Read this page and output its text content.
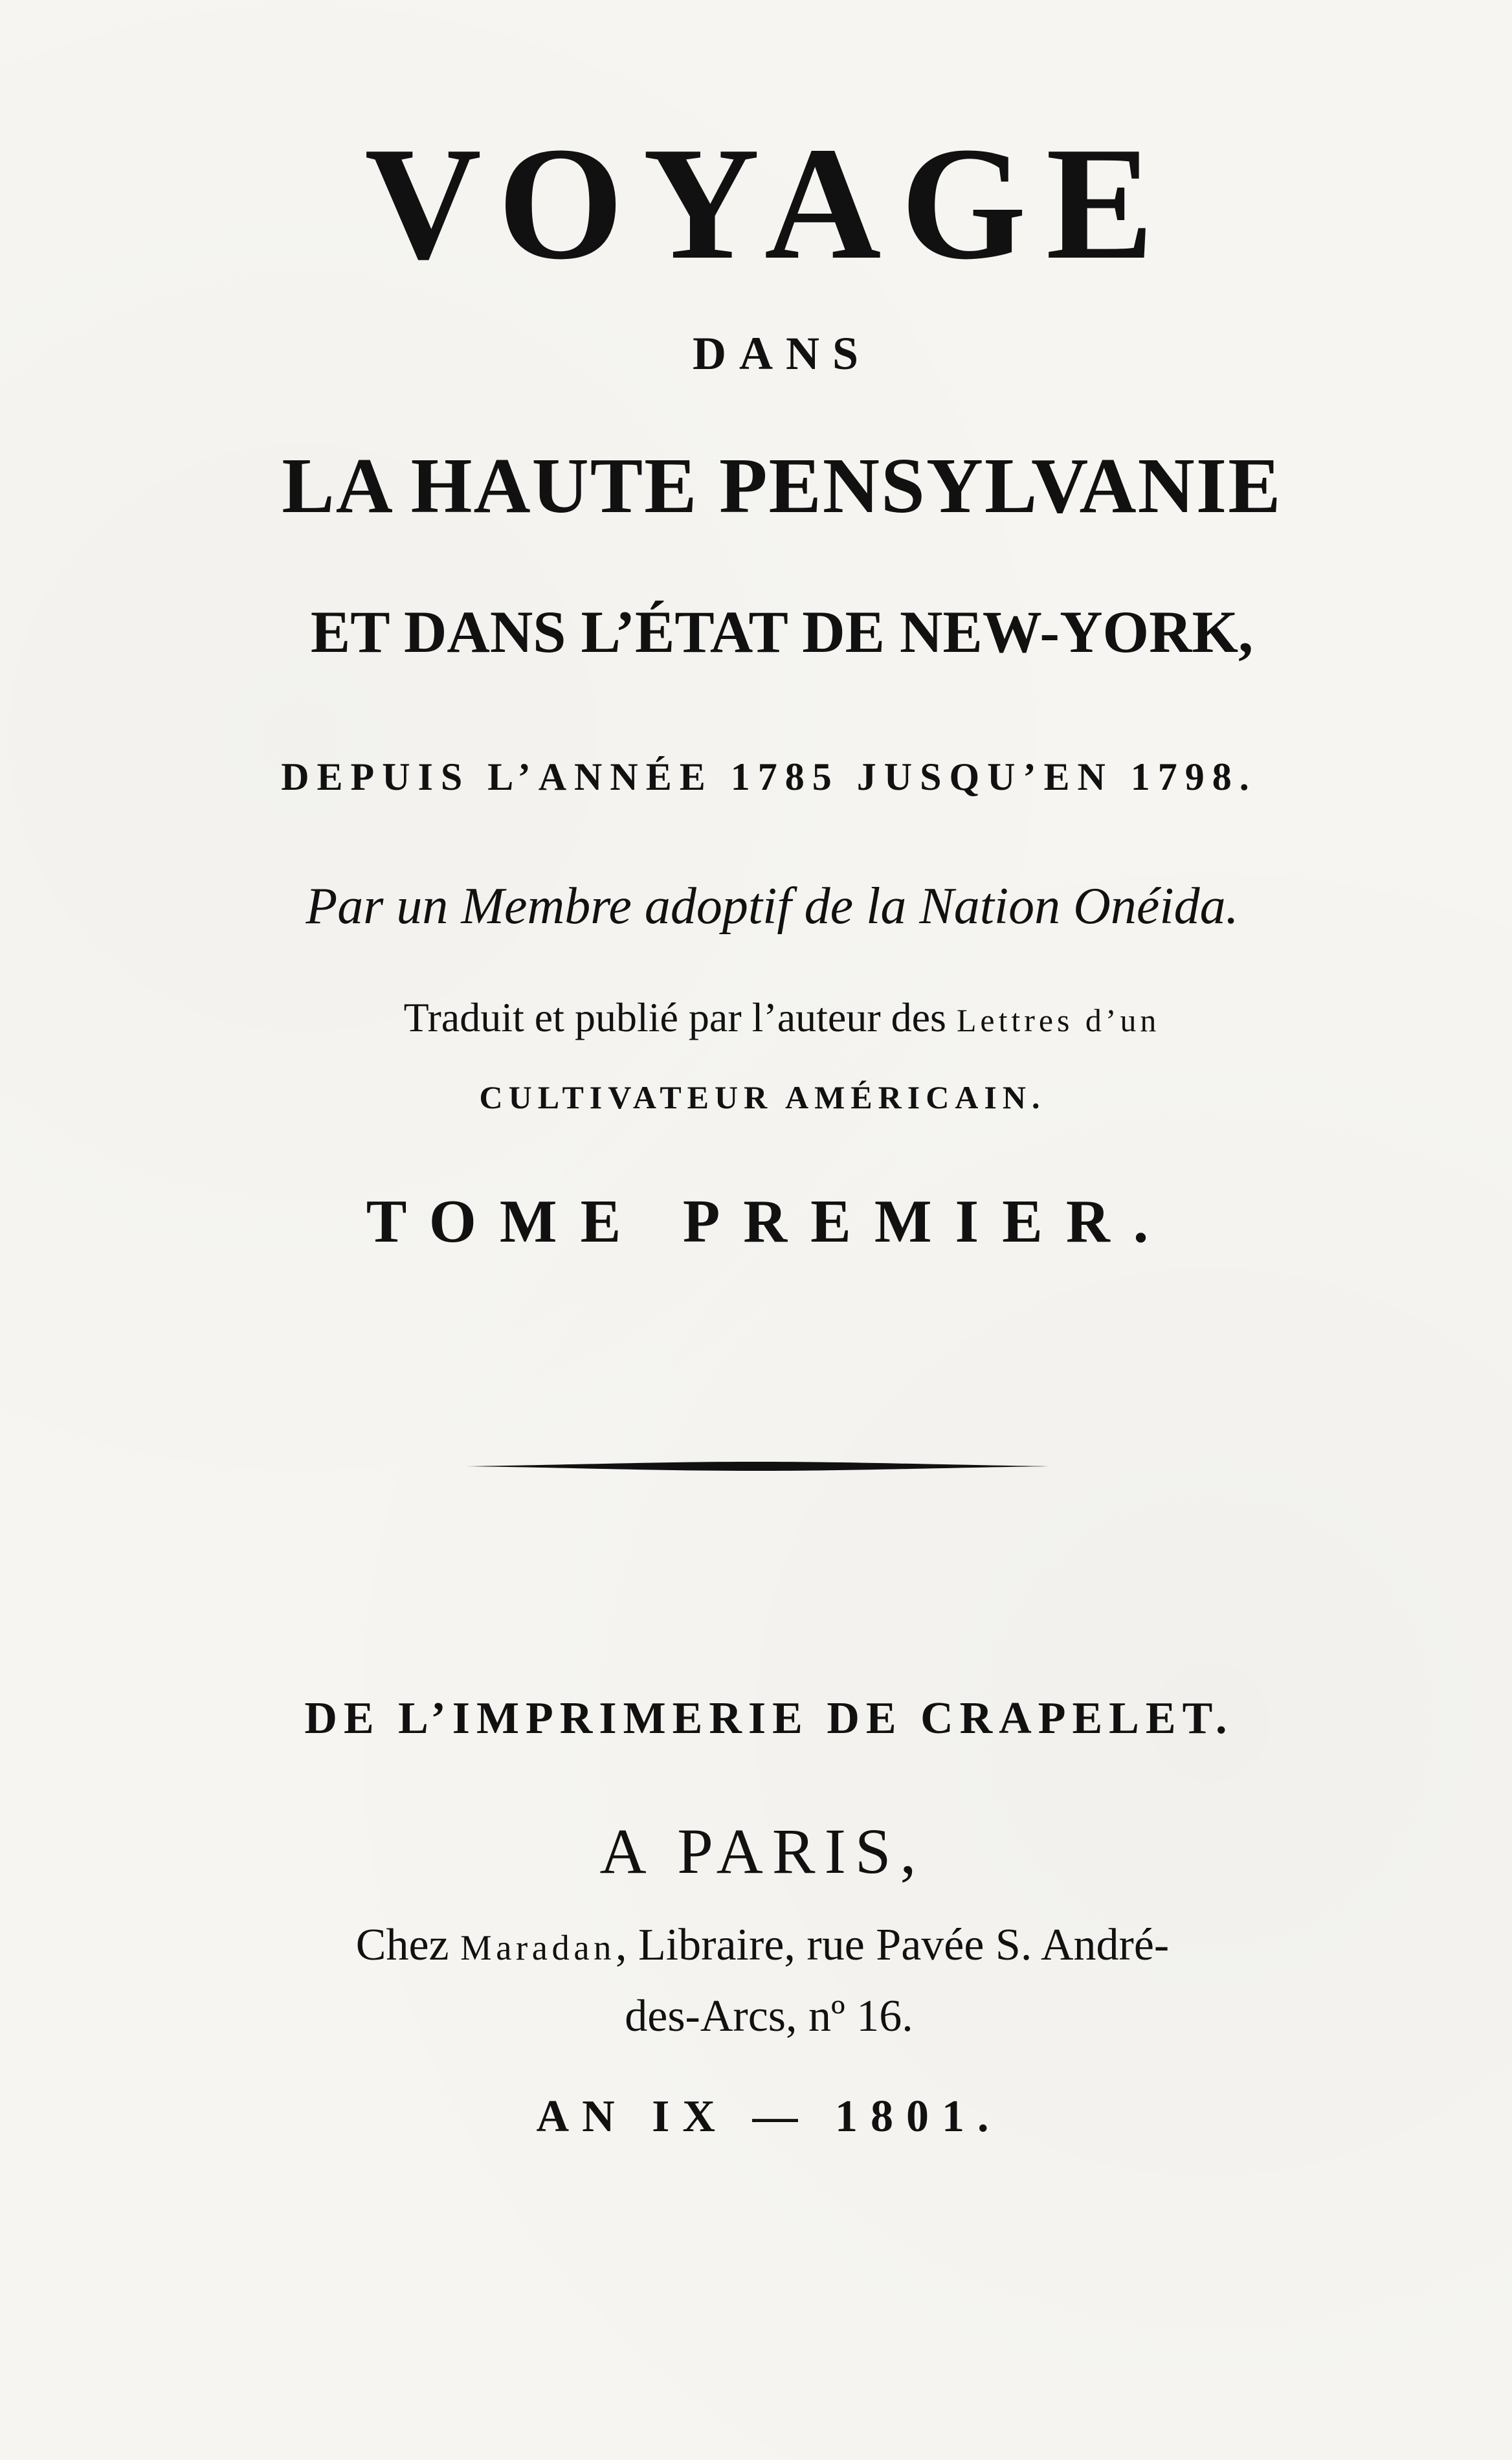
VOYAGE
DANS
LA HAUTE PENSYLVANIE
ET DANS L’ÉTAT DE NEW-YORK,
DEPUIS L’ANNÉE 1785 JUSQU’EN 1798.
Par un Membre adoptif de la Nation Onéida.
Traduit et publié par l’auteur des Lettres d’un
CULTIVATEUR AMÉRICAIN.
TOME PREMIER.
DE L’IMPRIMERIE DE CRAPELET.
A PARIS,
Chez Maradan, Libraire, rue Pavée S. André-
des-Arcs, nº 16.
AN IX — 1801.
